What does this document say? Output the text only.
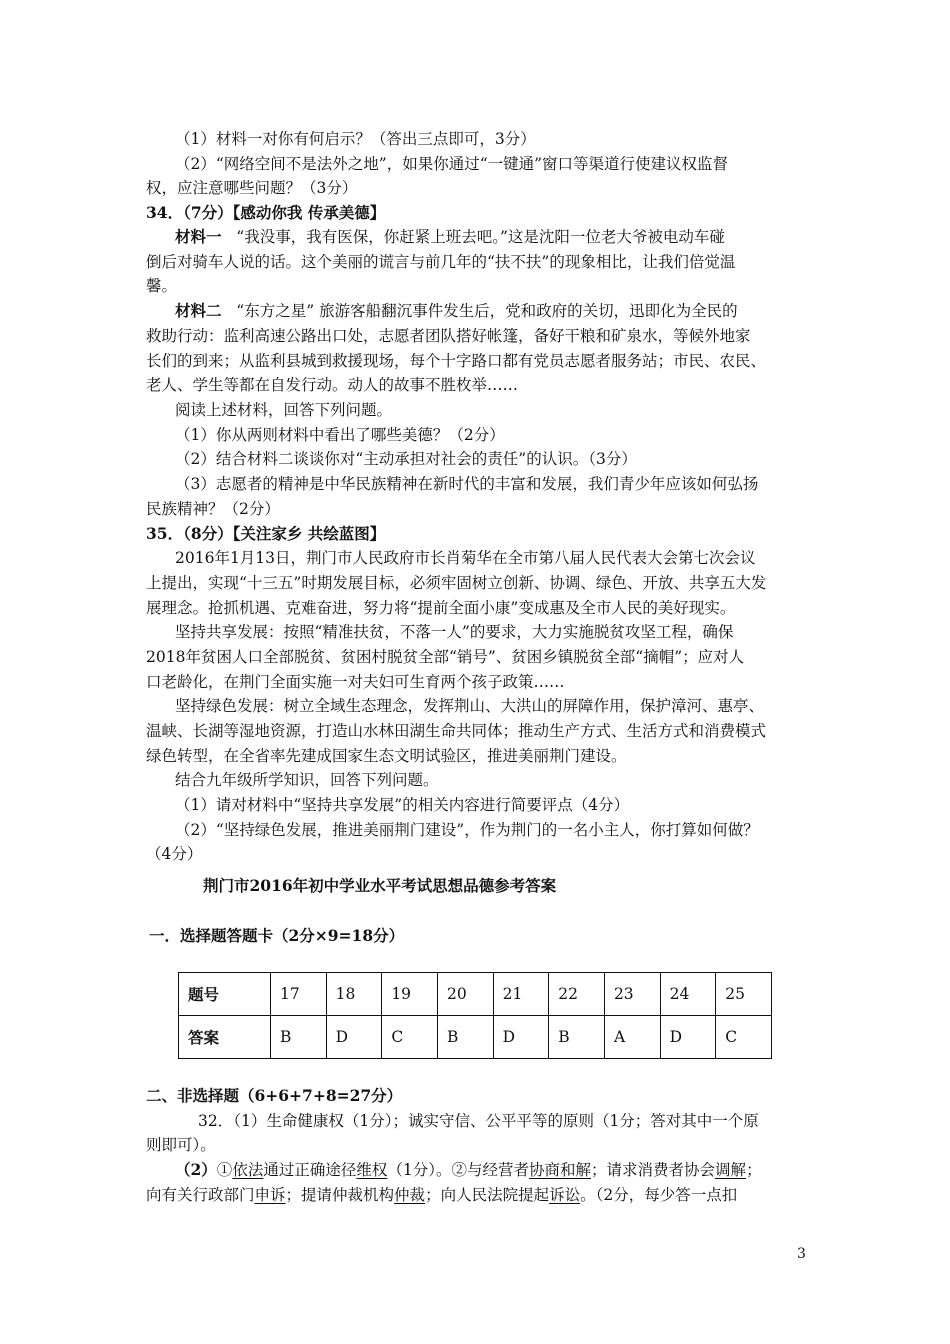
（1）材料一对你有何启示？（答出三点即可，3分）
（2）“网络空间不是法外之地”，如果你通过“一键通”窗口等渠道行使建议权监督
权，应注意哪些问题？（3分）
34．（7分）【感动你我 传承美德】
材料一 “我没事，我有医保，你赶紧上班去吧。”这是沈阳一位老大爷被电动车碰
倒后对骑车人说的话。这个美丽的谎言与前几年的“扶不扶”的现象相比，让我们倍觉温
馨。
材料二 “东方之星” 旅游客船翻沉事件发生后，党和政府的关切，迅即化为全民的
救助行动：监利高速公路出口处，志愿者团队搭好帐篷，备好干粮和矿泉水，等候外地家
长们的到来；从监利县城到救援现场，每个十字路口都有党员志愿者服务站；市民、农民、
老人、学生等都在自发行动。动人的故事不胜枚举……
阅读上述材料，回答下列问题。
（1）你从两则材料中看出了哪些美德？（2分）
（2）结合材料二谈谈你对“主动承担对社会的责任”的认识。（3分）
（3）志愿者的精神是中华民族精神在新时代的丰富和发展，我们青少年应该如何弘扬
民族精神？（2分）
35．（8分）【关注家乡 共绘蓝图】
2016年1月13日，荆门市人民政府市长肖菊华在全市第八届人民代表大会第七次会议
上提出，实现“十三五”时期发展目标，必须牢固树立创新、协调、绿色、开放、共享五大发
展理念。抢抓机遇、克难奋进，努力将“提前全面小康”变成惠及全市人民的美好现实。
坚持共享发展：按照“精准扶贫，不落一人”的要求，大力实施脱贫攻坚工程，确保
2018年贫困人口全部脱贫、贫困村脱贫全部“销号”、贫困乡镇脱贫全部“摘帽”；应对人
口老龄化，在荆门全面实施一对夫妇可生育两个孩子政策……
坚持绿色发展：树立全域生态理念，发挥荆山、大洪山的屏障作用，保护漳河、惠亭、
温峡、长湖等湿地资源，打造山水林田湖生命共同体；推动生产方式、生活方式和消费模式
绿色转型，在全省率先建成国家生态文明试验区，推进美丽荆门建设。
结合九年级所学知识，回答下列问题。
（1）请对材料中“坚持共享发展”的相关内容进行简要评点（4分）
（2）“坚持绿色发展，推进美丽荆门建设”，作为荆门的一名小主人，你打算如何做？
（4分）
荆门市2016年初中学业水平考试思想品德参考答案
一．选择题答题卡（2分×9=18分）
题号	17	18	19	20	21	22	23	24	25
答案	B	D	C	B	D	B	A	D	C
二、非选择题（6+6+7+8=27分）
32．（1）生命健康权（1分）；诚实守信、公平平等的原则（1分；答对其中一个原
则即可）。
（2）①依法通过正确途径维权（1分）。②与经营者协商和解；请求消费者协会调解；
向有关行政部门申诉；提请仲裁机构仲裁；向人民法院提起诉讼。（2分，每少答一点扣
3
